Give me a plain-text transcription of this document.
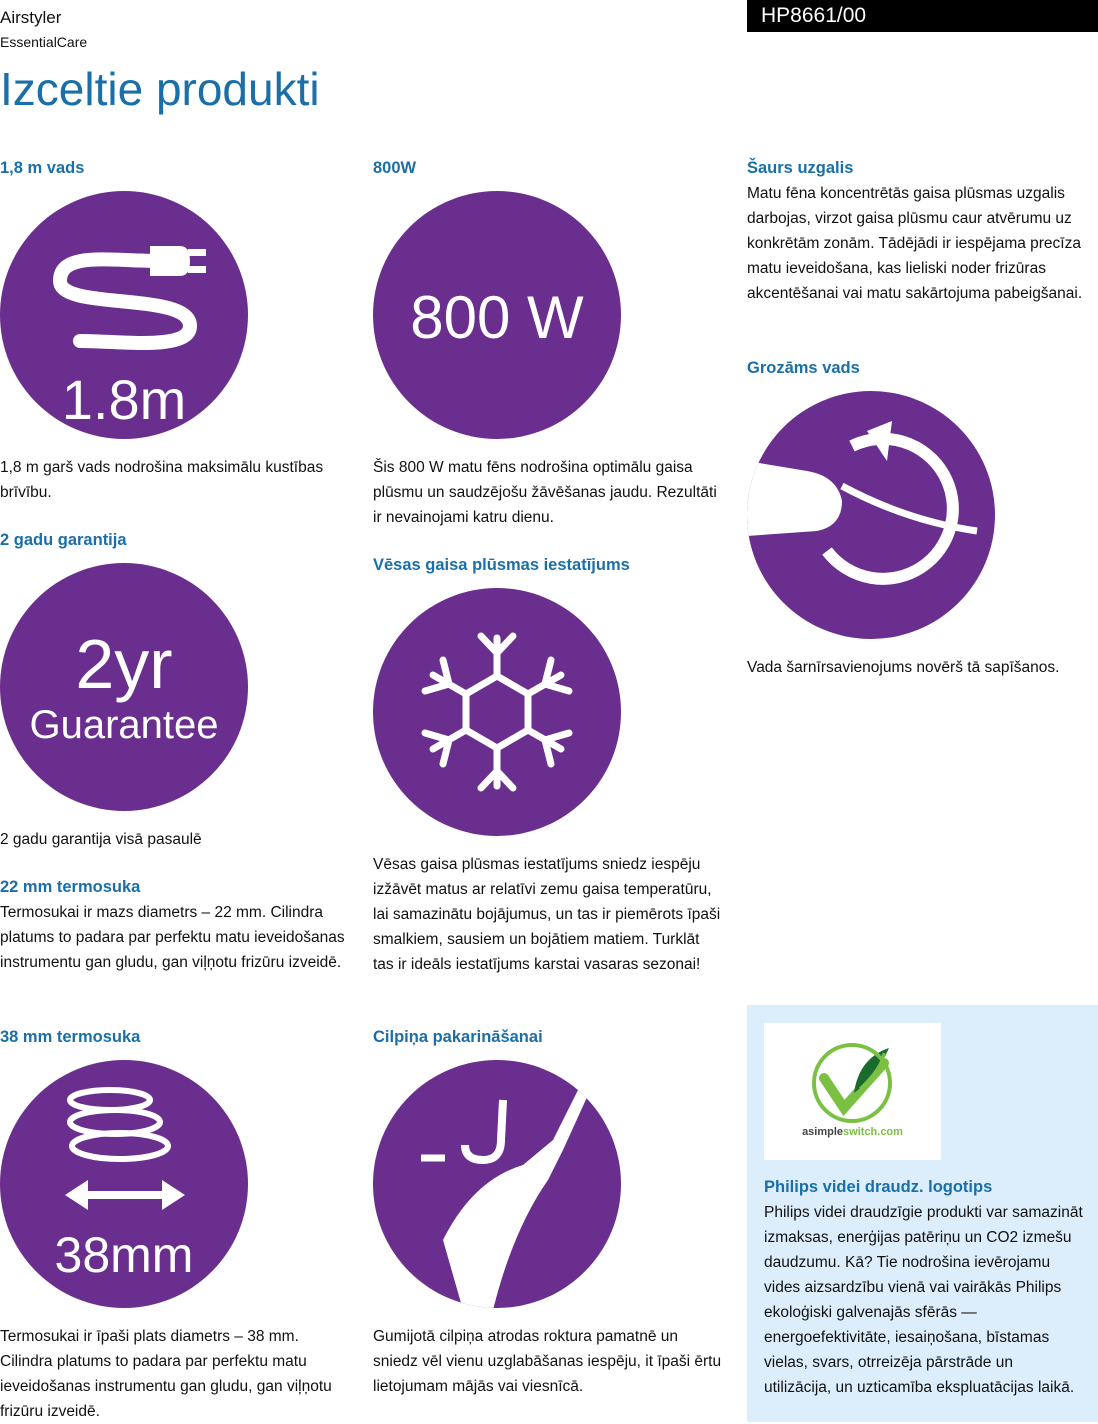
Airstyler
EssentialCare
HP8661/00
Izceltie produkti
1,8 m vads
1.8m

1,8 m garš vads nodrošina maksimālu kustības brīvību.

2 gadu garantija
2yr
Guarantee

2 gadu garantija visā pasaulē

22 mm termosuka

Termosukai ir mazs diametrs – 22 mm. Cilindra platums to padara par perfektu matu ieveidošanas instrumentu gan gludu, gan viļņotu frizūru izveidē.

38 mm termosuka
38mm

Termosukai ir īpaši plats diametrs – 38 mm. Cilindra platums to padara par perfektu matu ieveidošanas instrumentu gan gludu, gan viļņotu frizūru izveidē.

800W
800 W

Šis 800 W matu fēns nodrošina optimālu gaisa plūsmu un saudzējošu žāvēšanas jaudu. Rezultāti ir nevainojami katru dienu.

Vēsas gaisa plūsmas iestatījums

Vēsas gaisa plūsmas iestatījums sniedz iespēju izžāvēt matus ar relatīvi zemu gaisa temperatūru, lai samazinātu bojājumus, un tas ir piemērots īpaši smalkiem, sausiem un bojātiem matiem. Turklāt tas ir ideāls iestatījums karstai vasaras sezonai!

Cilpiņa pakarināšanai

Gumijotā cilpiņa atrodas roktura pamatnē un sniedz vēl vienu uzglabāšanas iespēju, it īpaši ērtu lietojumam mājās vai viesnīcā.

Šaurs uzgalis

Matu fēna koncentrētās gaisa plūsmas uzgalis darbojas, virzot gaisa plūsmu caur atvērumu uz konkrētām zonām. Tādējādi ir iespējama precīza matu ieveidošana, kas lieliski noder frizūras akcentēšanai vai matu sakārtojuma pabeigšanai.

Grozāms vads

Vada šarnīrsavienojums novērš tā sapīšanos.

asimpleswitch.com
Philips videi draudz. logotips

Philips videi draudzīgie produkti var samazināt izmaksas, enerģijas patēriņu un CO2 izmešu daudzumu. Kā? Tie nodrošina ievērojamu vides aizsardzību vienā vai vairākās Philips ekoloģiski galvenajās sfērās — energoefektivitāte, iesaiņošana, bīstamas vielas, svars, otrreizēja pārstrāde un utilizācija, un uzticamība ekspluatācijas laikā.
